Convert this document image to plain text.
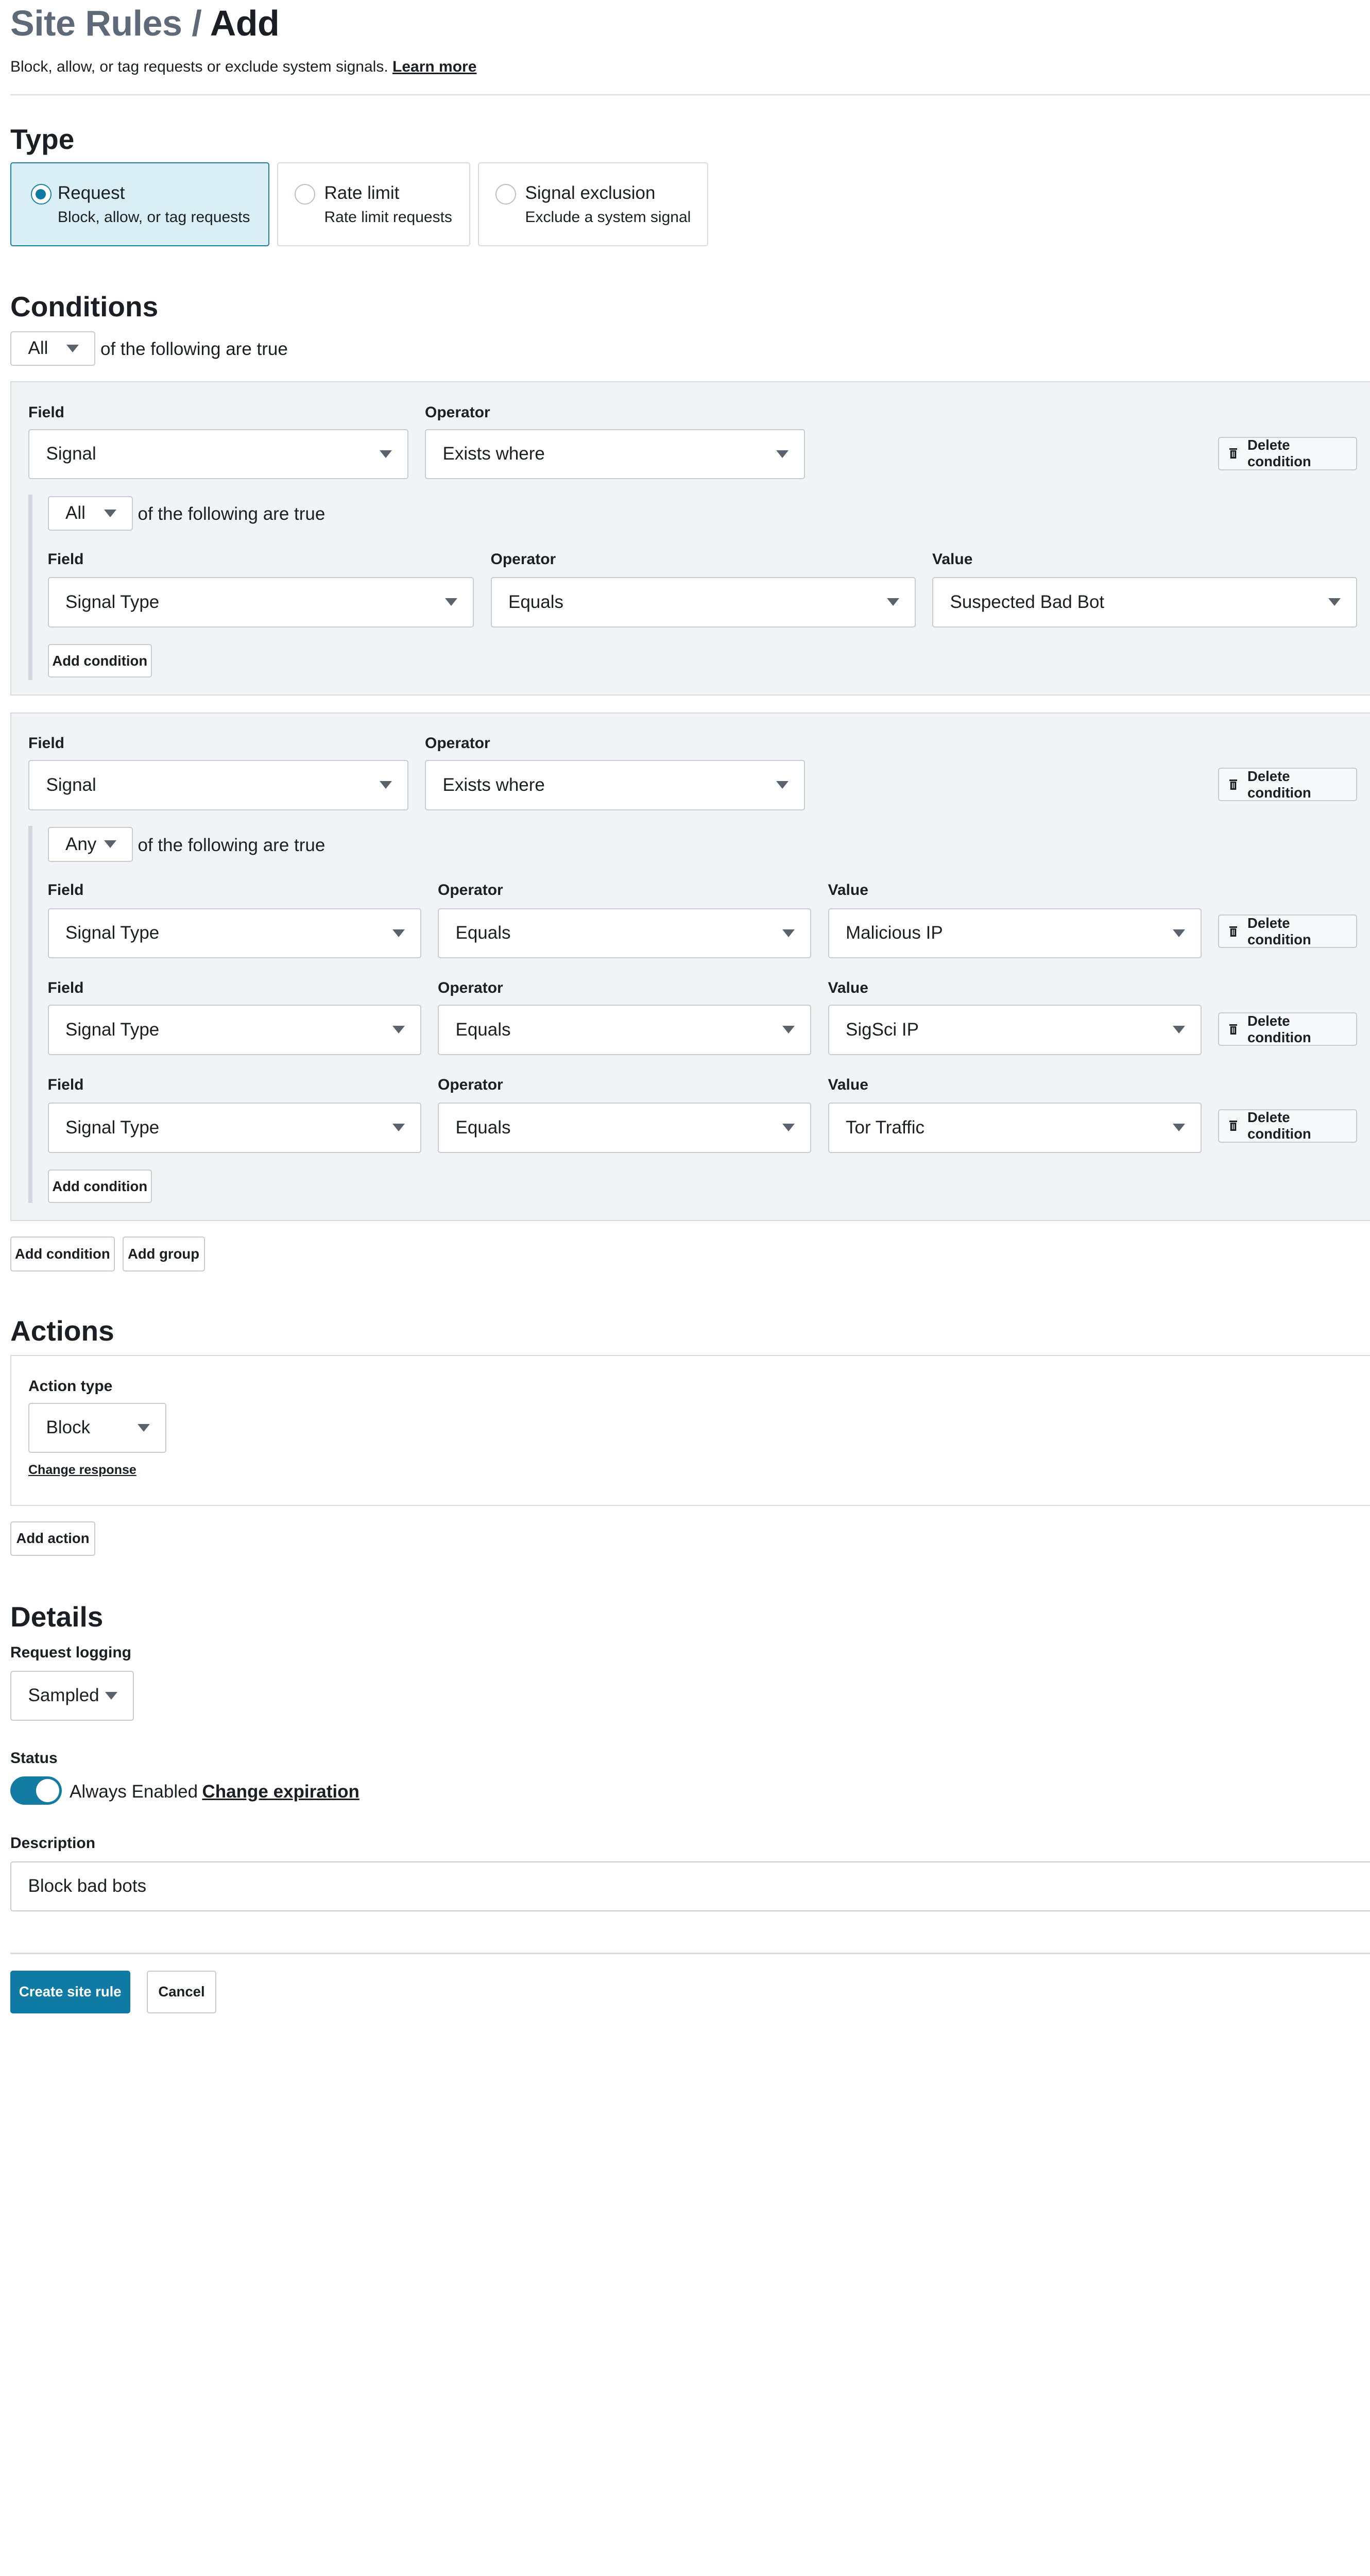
Site Rules / Add
Block, allow, or tag requests or exclude system signals. Learn more
Type
Request
Block, allow, or tag requests
Rate limit
Rate limit requests
Signal exclusion
Exclude a system signal
Conditions
All	of the following are true
Field	Operator
Signal	Exists where	Delete condition
All	of the following are true
Field	Operator	Value
Signal Type	Equals	Suspected Bad Bot
Add condition
Field	Operator
Signal	Exists where	Delete condition
Any	of the following are true
Field	Operator	Value
Signal Type	Equals	Malicious IP
Delete condition
Field	Operator	Value
Signal Type	Equals	SigSci IP	Delete condition
Field	Operator	Value
Signal Type	Equals	Tor Traffic
Delete condition
Add condition
Add condition	Add group
Actions
Action type
Block
Change response
Add action
Details
Request logging
Sampled
Status
Always Enabled Change expiration
Description
Block bad bots
Create site rule	Cancel
